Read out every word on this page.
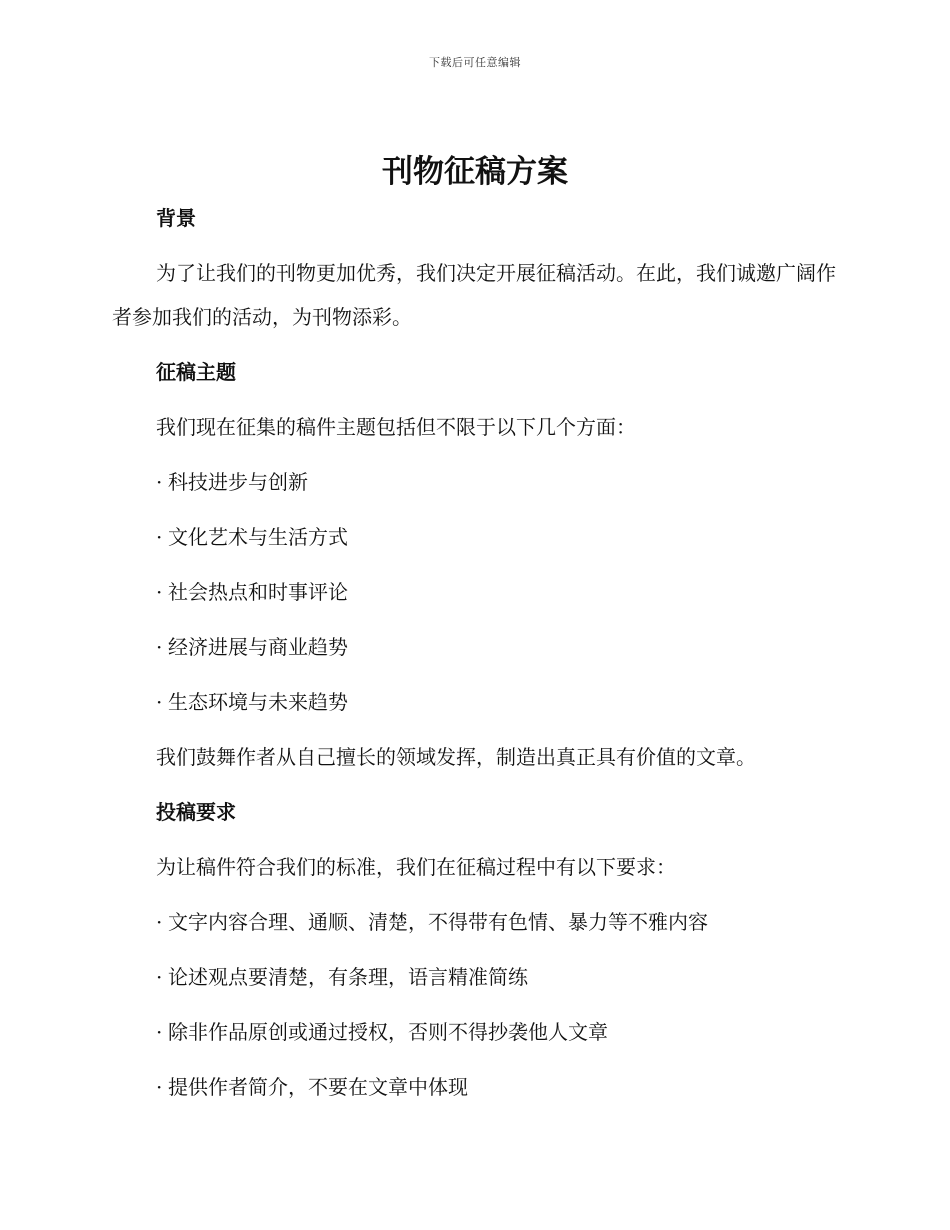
下载后可任意编辑
刊物征稿方案
背景

为了让我们的刊物更加优秀，我们决定开展征稿活动。在此，我们诚邀广阔作者参加我们的活动，为刊物添彩。

征稿主题

我们现在征集的稿件主题包括但不限于以下几个方面：

· 科技进步与创新
· 文化艺术与生活方式
· 社会热点和时事评论
· 经济进展与商业趋势
· 生态环境与未来趋势

我们鼓舞作者从自己擅长的领域发挥，制造出真正具有价值的文章。

投稿要求

为让稿件符合我们的标准，我们在征稿过程中有以下要求：

· 文字内容合理、通顺、清楚，不得带有色情、暴力等不雅内容
· 论述观点要清楚，有条理，语言精准简练
· 除非作品原创或通过授权，否则不得抄袭他人文章
· 提供作者简介，不要在文章中体现
